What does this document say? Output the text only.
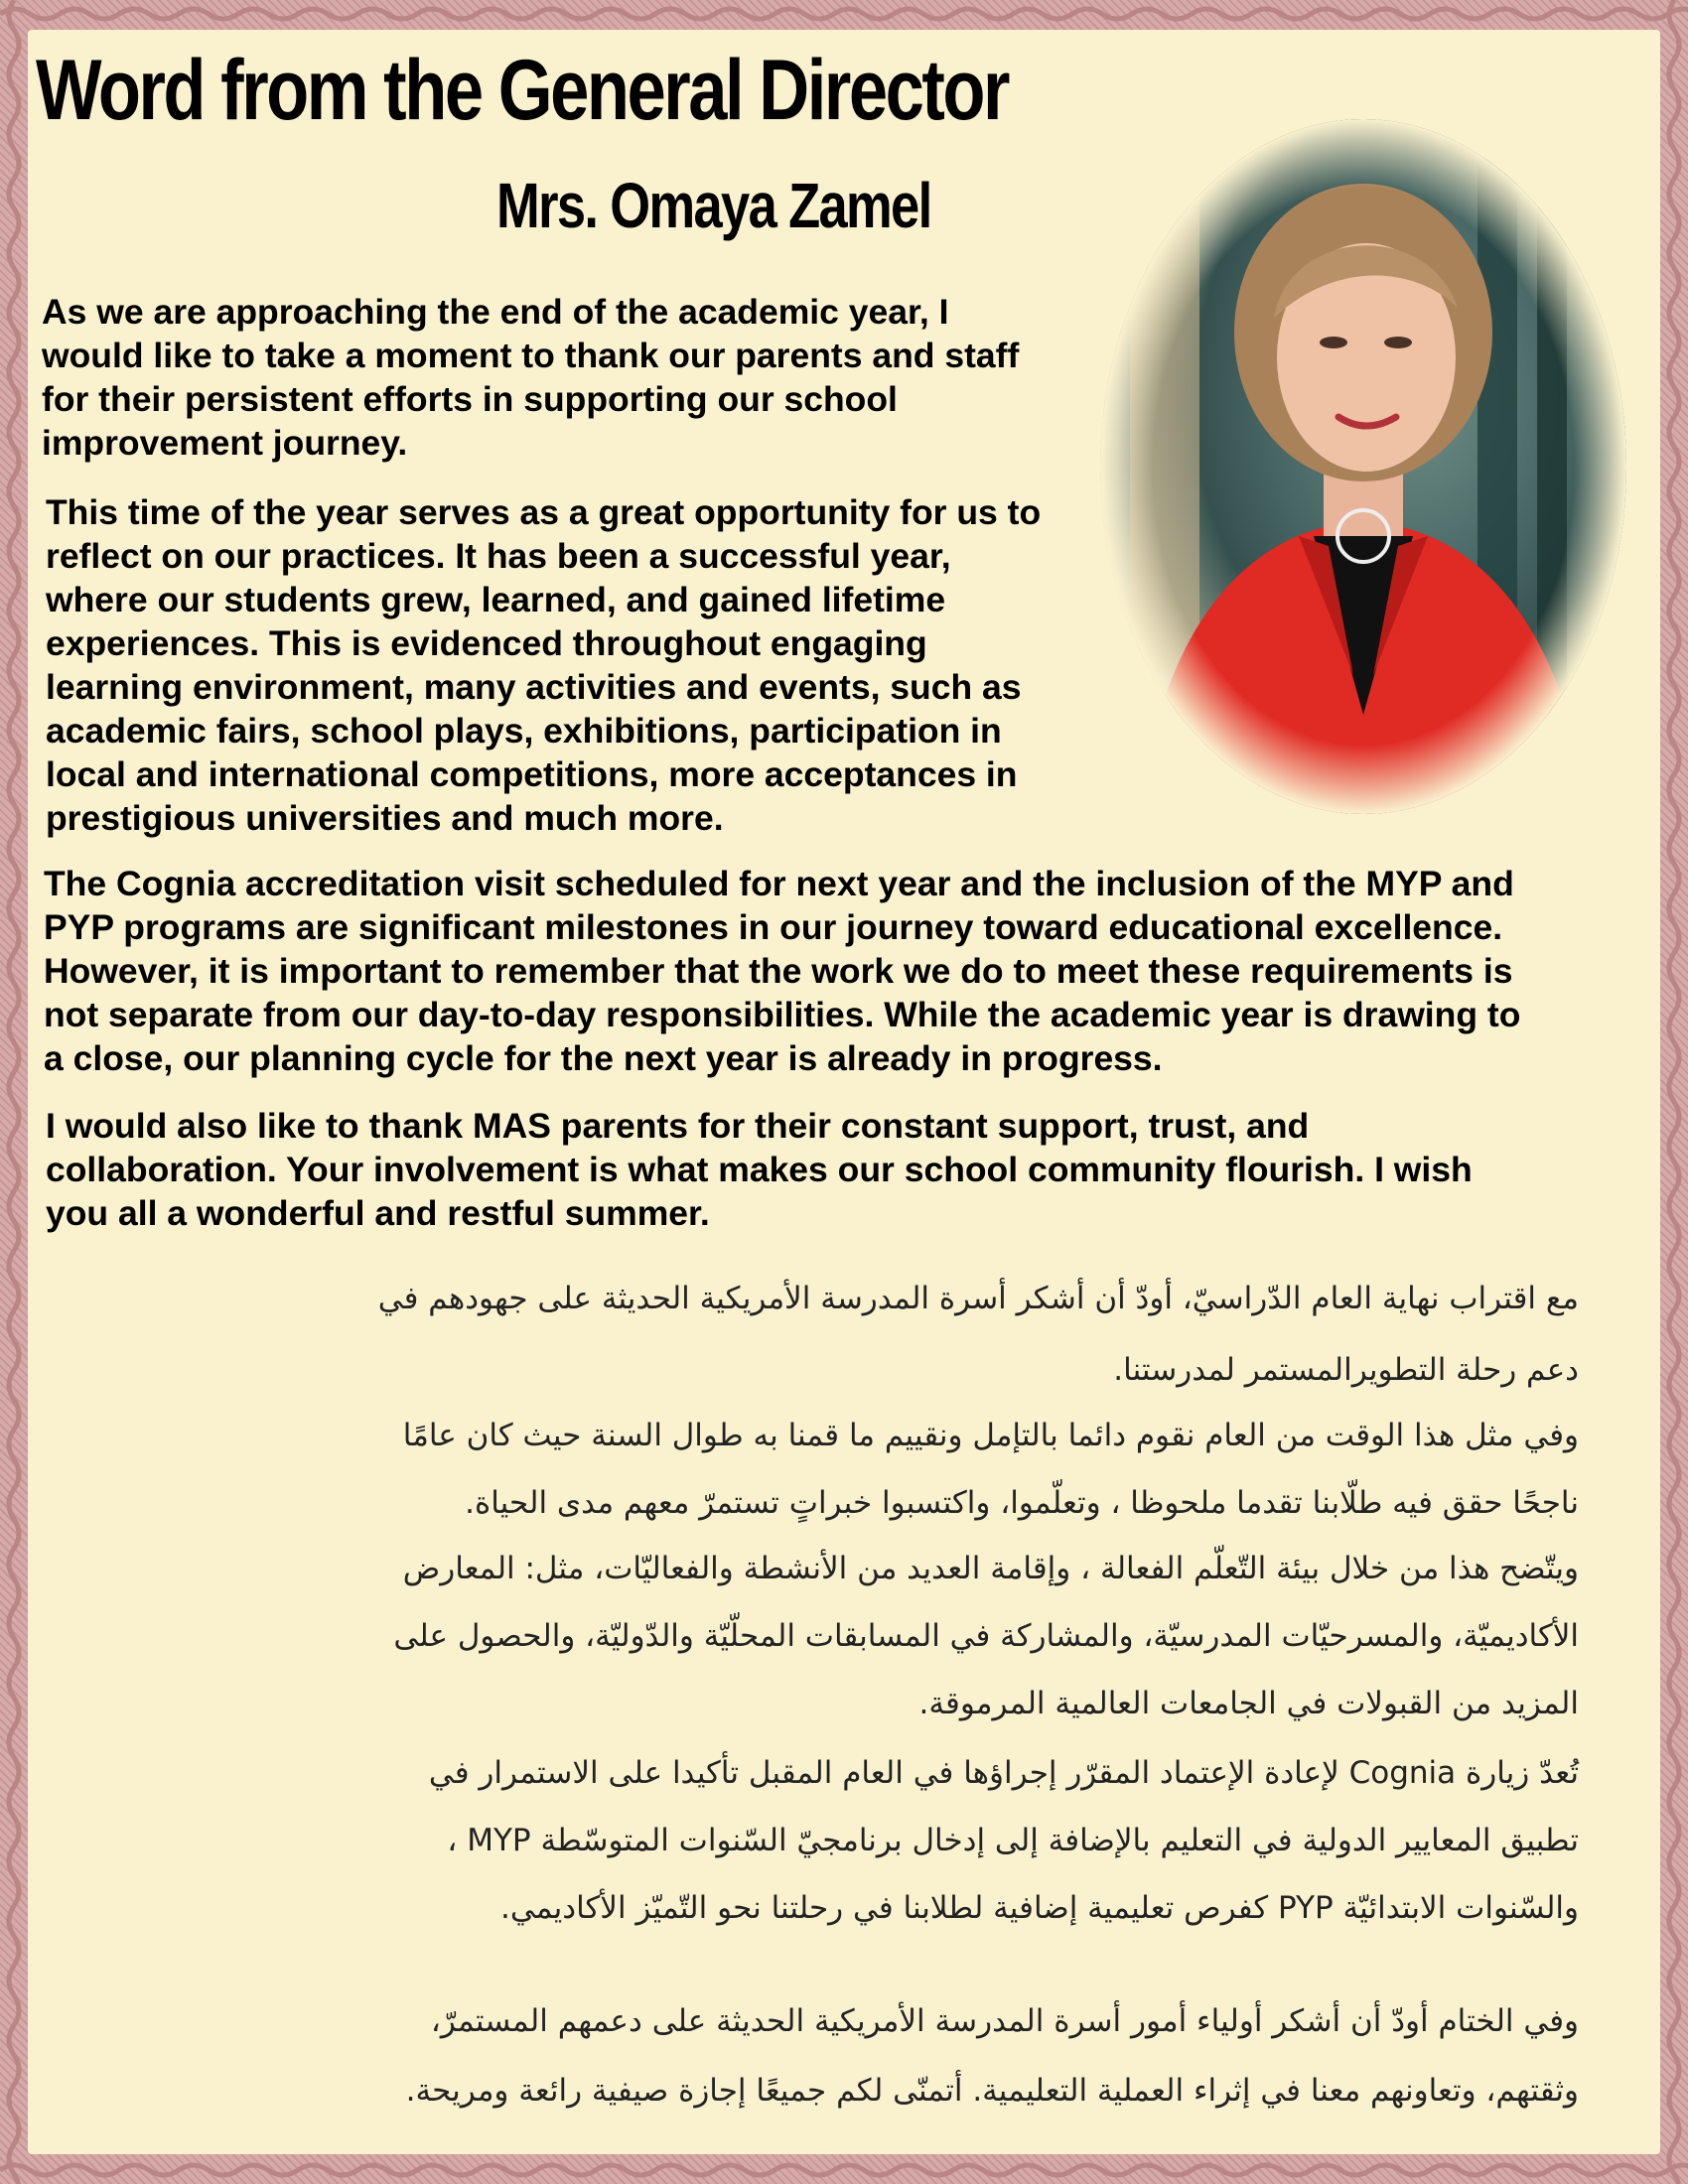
Word from the General Director
Mrs. Omaya Zamel
As we are approaching the end of the academic year, I
would like to take a moment to thank our parents and staff
for their persistent efforts in supporting our school
improvement journey.
This time of the year serves as a great opportunity for us to
reflect on our practices. It has been a successful year,
where our students grew, learned, and gained lifetime
experiences. This is evidenced throughout engaging
learning environment, many activities and events, such as
academic fairs, school plays, exhibitions, participation in
local and international competitions, more acceptances in
prestigious universities and much more.
The Cognia accreditation visit scheduled for next year and the inclusion of the MYP and
PYP programs are significant milestones in our journey toward educational excellence.
However, it is important to remember that the work we do to meet these requirements is
not separate from our day-to-day responsibilities. While the academic year is drawing to
a close, our planning cycle for the next year is already in progress.
I would also like to thank MAS parents for their constant support, trust, and
collaboration. Your involvement is what makes our school community flourish. I wish
you all a wonderful and restful summer.
مع اقتراب نهاية العام الدّراسيّ، أودّ أن أشكر أسرة المدرسة الأمريكية الحديثة على جهودهم في
دعم رحلة التطويرالمستمر لمدرستنا.
وفي مثل هذا الوقت من العام نقوم دائما بالتإمل ونقييم ما قمنا به طوال السنة حيث كان عامًا
ناجحًا حقق فيه طلّابنا تقدما ملحوظا ، وتعلّموا، واكتسبوا خبراتٍ تستمرّ معهم مدى الحياة.
ويتّضح هذا من خلال بيئة التّعلّم الفعالة ، وإقامة العديد من الأنشطة والفعاليّات، مثل: المعارض
الأكاديميّة، والمسرحيّات المدرسيّة، والمشاركة في المسابقات المحلّيّة والدّوليّة، والحصول على
المزيد من القبولات في الجامعات العالمية المرموقة.
تُعدّ زيارة Cognia لإعادة الإعتماد المقرّر إجراؤها في العام المقبل تأكيدا على الاستمرار في
تطبيق المعايير الدولية في التعليم بالإضافة إلى إدخال برنامجيّ السّنوات المتوسّطة MYP ،
والسّنوات الابتدائيّة PYP كفرص تعليمية إضافية لطلابنا في رحلتنا نحو التّميّز الأكاديمي.
وفي الختام أودّ أن أشكر أولياء أمور أسرة المدرسة الأمريكية الحديثة على دعمهم المستمرّ،
وثقتهم، وتعاونهم معنا في إثراء العملية التعليمية. أتمنّى لكم جميعًا إجازة صيفية رائعة ومريحة.
